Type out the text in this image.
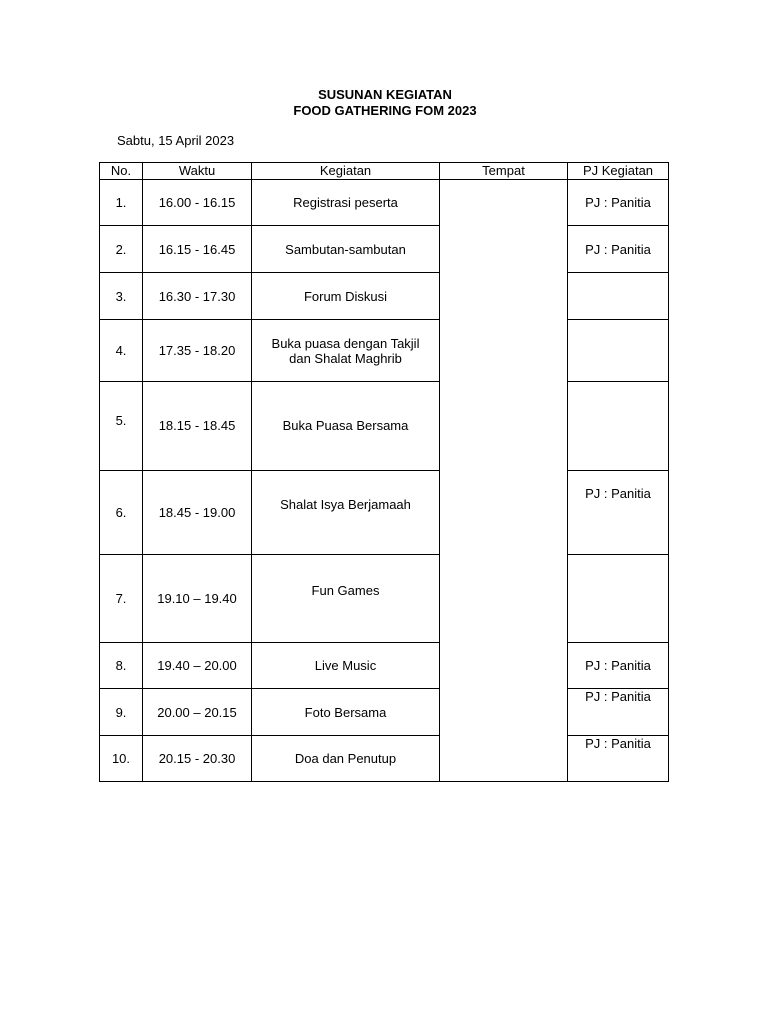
SUSUNAN KEGIATAN
FOOD GATHERING FOM 2023
Sabtu, 15 April 2023
No.	Waktu	Kegiatan	Tempat	PJ Kegiatan
1.	16.00 - 16.15	Registrasi peserta		PJ : Panitia
2.	16.15 - 16.45	Sambutan-sambutan		PJ : Panitia
3.	16.30 - 17.30	Forum Diskusi		
4.	17.35 - 18.20	Buka puasa dengan Takjil
dan Shalat Maghrib		

5.	18.15 - 18.45	Buka Puasa Bersama		
6.	18.45 - 19.00	Shalat Isya Berjamaah		PJ : Panitia
7.	19.10 – 19.40	Fun Games		
8.	19.40 – 20.00	Live Music		PJ : Panitia
9.	20.00 – 20.15	Foto Bersama		PJ : Panitia
10.	20.15 - 20.30	Doa dan Penutup		PJ : Panitia
